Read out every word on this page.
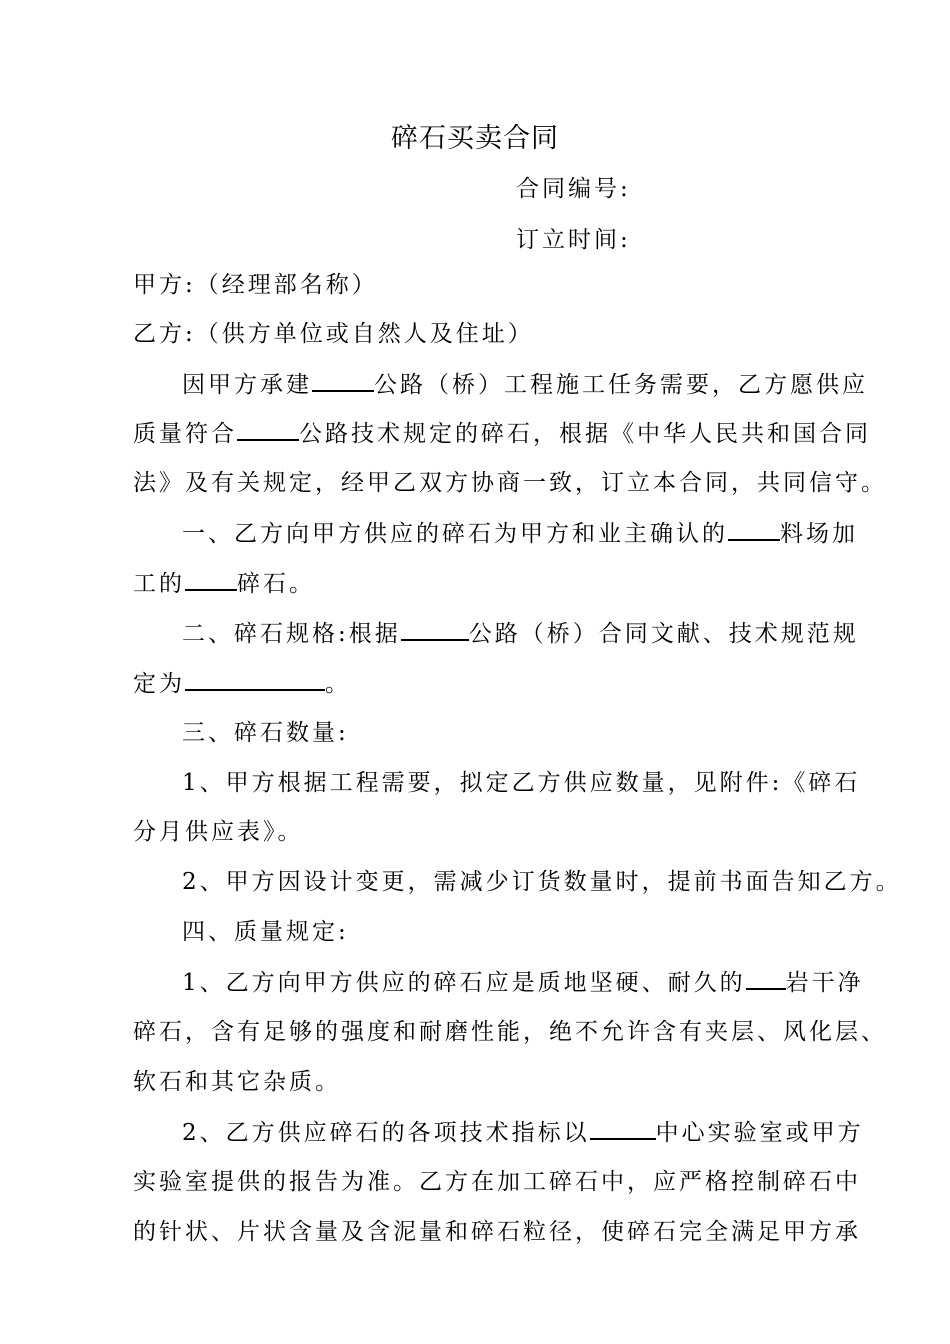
碎石买卖合同
合同编号:
订立时间:
甲方:（经理部名称）
乙方:（供方单位或自然人及住址）
因甲方承建	公路（桥）工程施工任务需要，乙方愿供应
质量符合	公路技术规定的碎石，根据《中华人民共和国合同
法》及有关规定，经甲乙双方协商一致，订立本合同，共同信守。
一、乙方向甲方供应的碎石为甲方和业主确认的 料场加
工的 碎石。
二、碎石规格:根据	公路（桥）合同文献、技术规范规
定为	。
三、碎石数量:
1、甲方根据工程需要，拟定乙方供应数量，见附件:《碎石
分月供应表》。
2、甲方因设计变更，需减少订货数量时，提前书面告知乙方。
四、质量规定:
1、乙方向甲方供应的碎石应是质地坚硬、耐久的 岩干净
碎石，含有足够的强度和耐磨性能，绝不允许含有夹层、风化层、
软石和其它杂质。
2、乙方供应碎石的各项技术指标以	中心实验室或甲方
实验室提供的报告为准。乙方在加工碎石中，应严格控制碎石中
的针状、片状含量及含泥量和碎石粒径，使碎石完全满足甲方承
